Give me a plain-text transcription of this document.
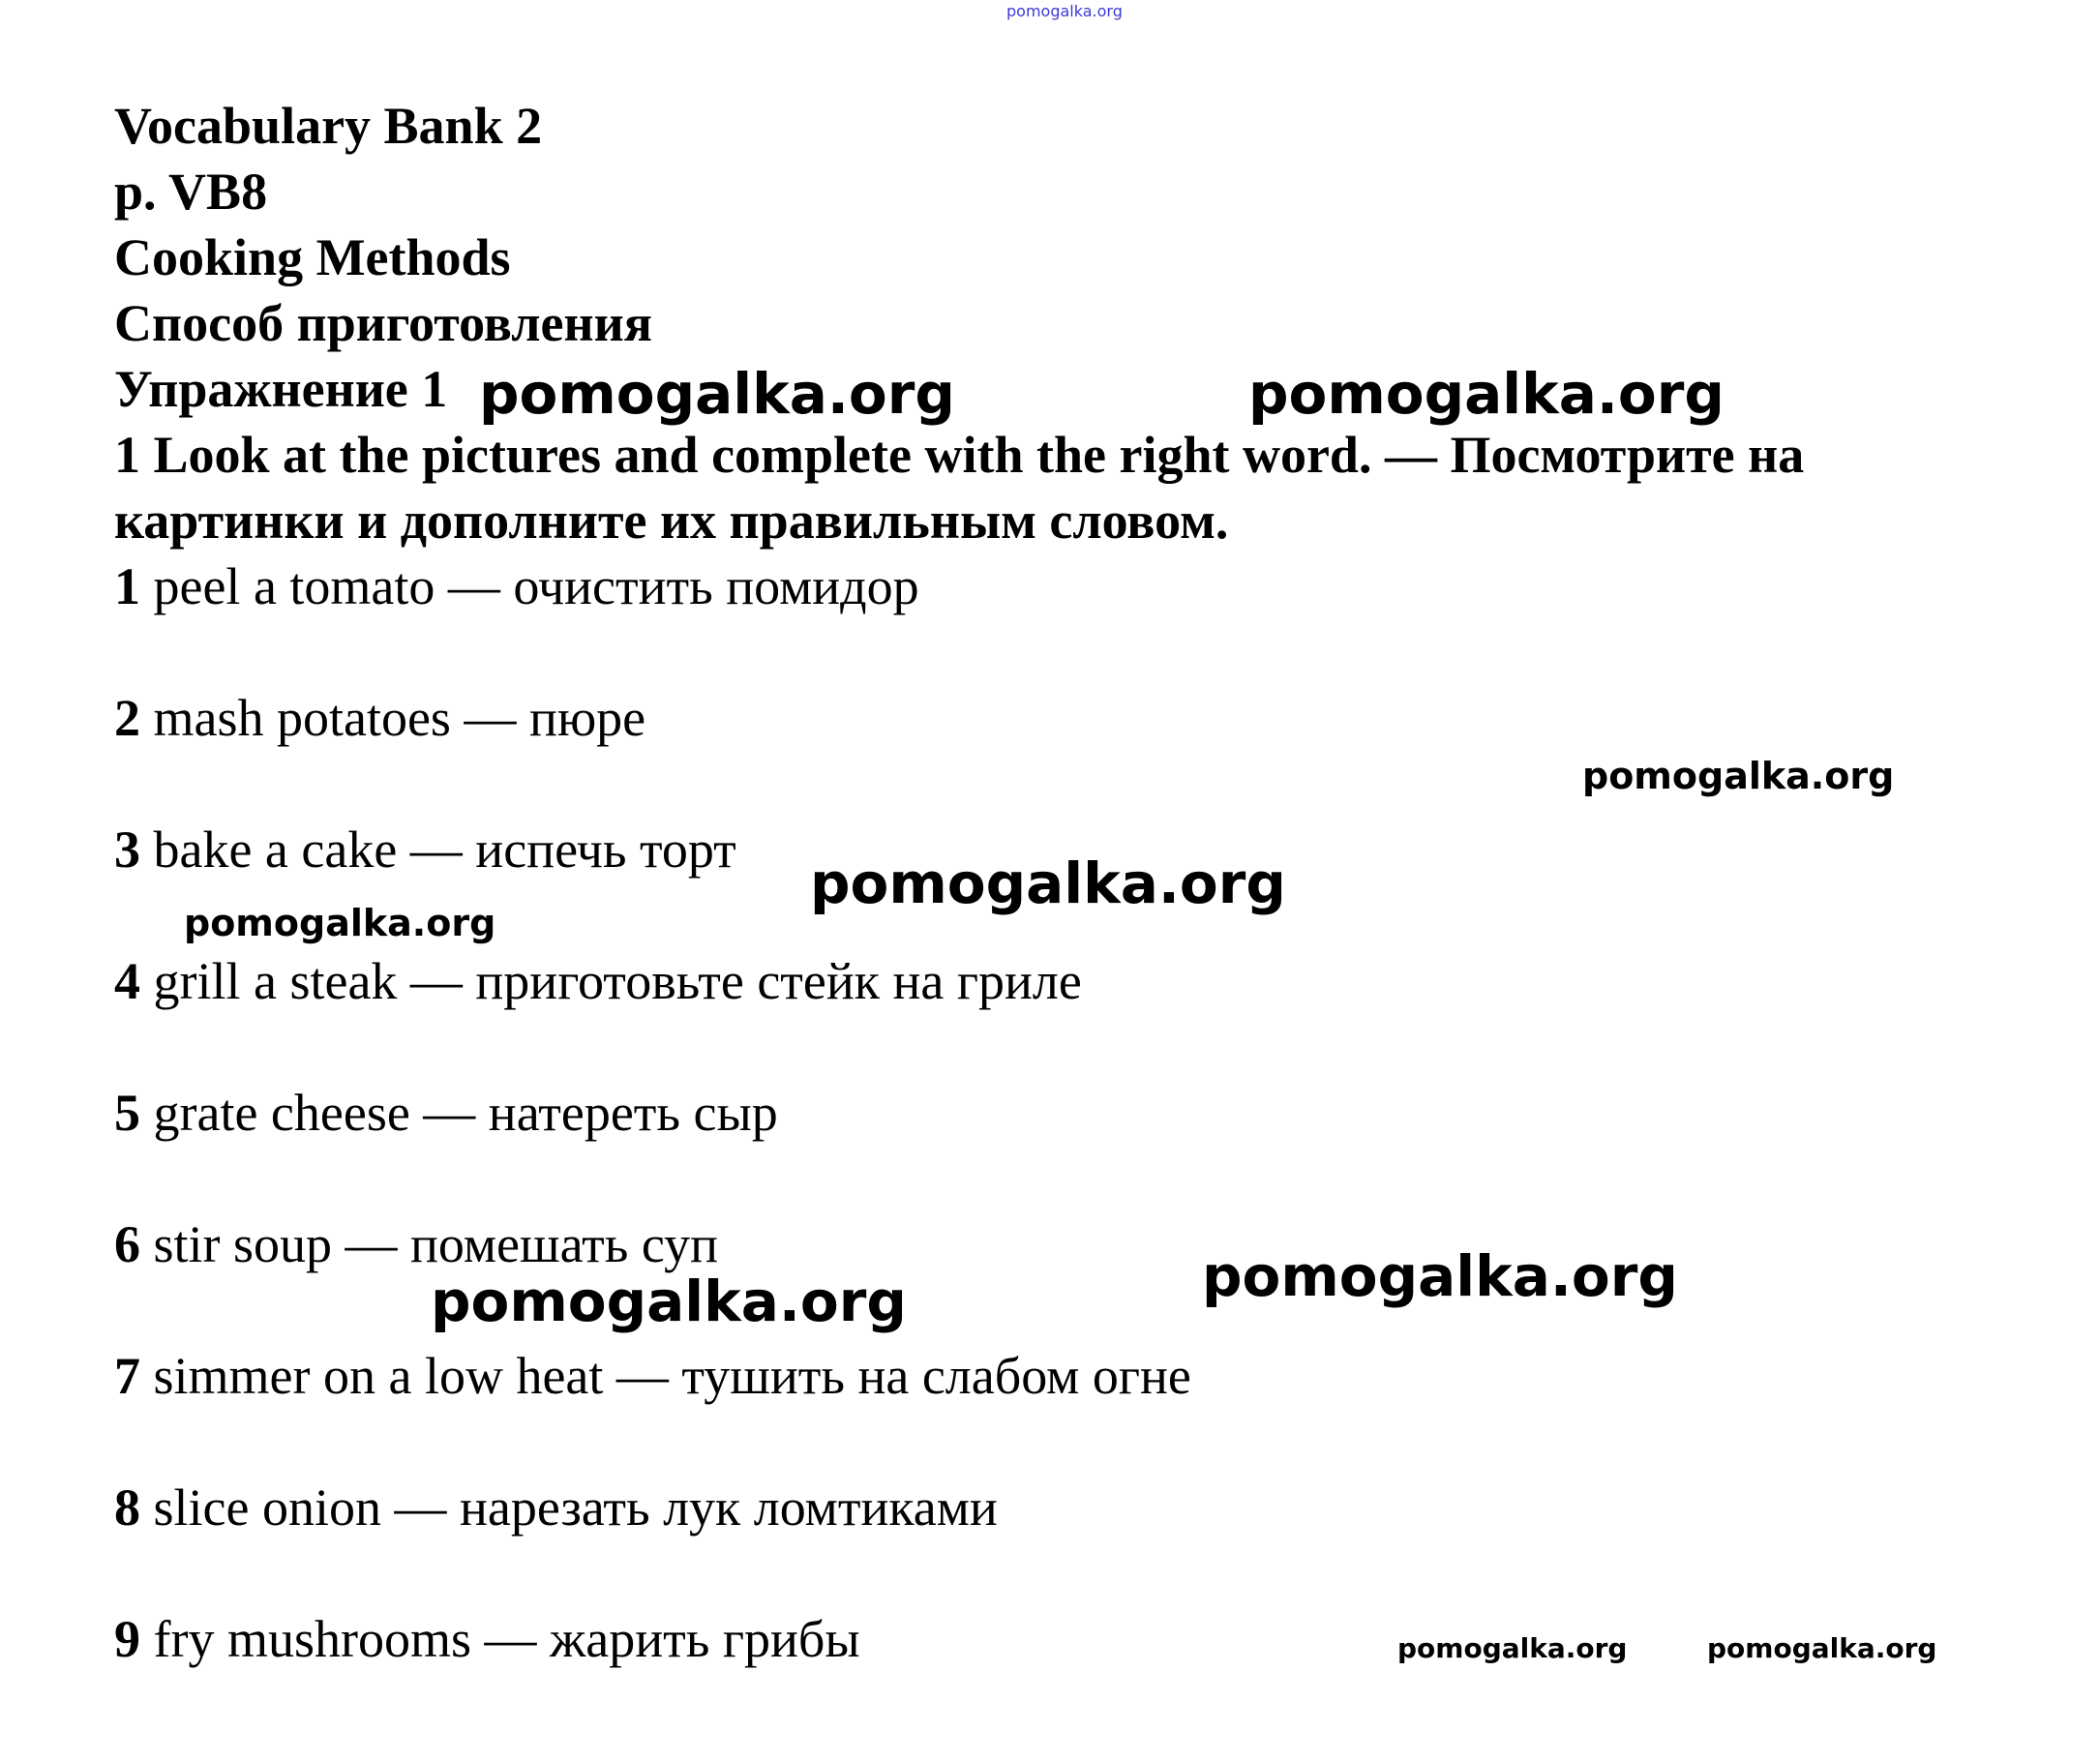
Vocabulary Bank 2

p. VB8

Cooking Methods

Способ приготовления

Упражнение 1

1 Look at the pictures and complete with the right word. — Посмотрите на картинки и дополните их правильным словом.

1 peel a tomato — очистить помидор
2 mash potatoes — пюре
3 bake a cake — испечь торт
4 grill a steak — приготовьте стейк на гриле
5 grate cheese — натереть сыр
6 stir soup — помешать суп
7 simmer on a low heat — тушить на слабом огне
8 slice onion — нарезать лук ломтиками
9 fry mushrooms — жарить грибы
pomogalka.org
pomogalka.org	pomogalka.org
pomogalka.org
pomogalka.org
pomogalka.org
pomogalka.org
pomogalka.org
pomogalka.org	pomogalka.org
